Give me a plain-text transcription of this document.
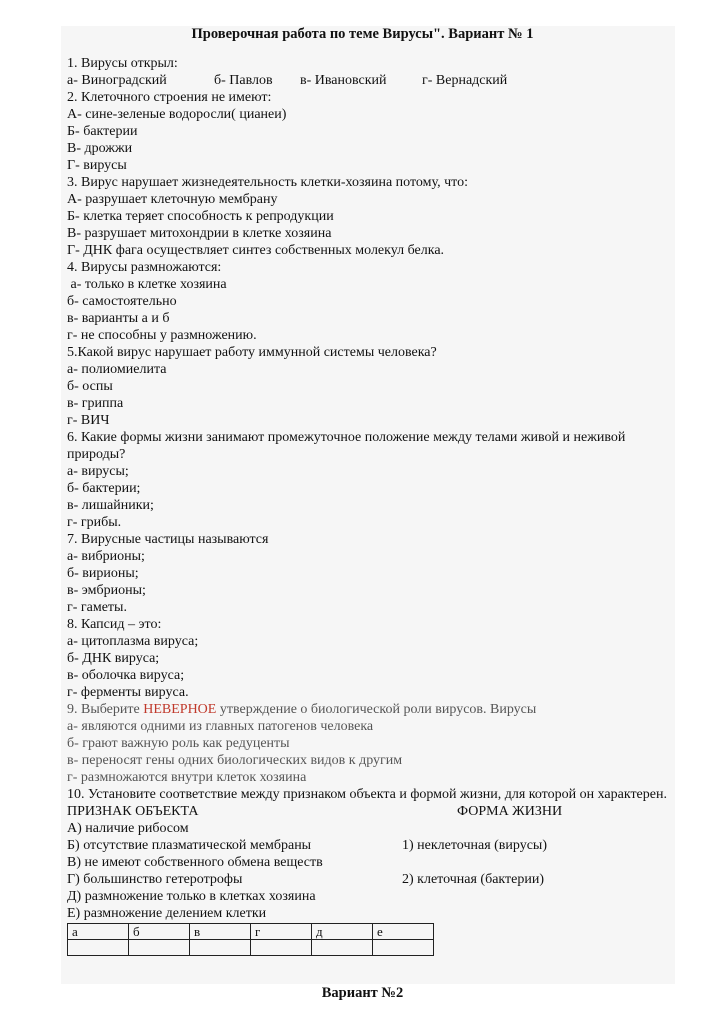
Проверочная работа по теме Вирусы". Вариант № 1
1. Вирусы открыл:
а- Виноградский	б- Павлов в- Ивановский	г- Вернадский
2. Клеточного строения не имеют:
А- сине-зеленые водоросли( цианеи)
Б- бактерии
В- дрожжи
Г- вирусы
3. Вирус нарушает жизнедеятельность клетки-хозяина потому, что:
А- разрушает клеточную мембрану
Б- клетка теряет способность к репродукции
В- разрушает митохондрии в клетке хозяина
Г- ДНК фага осуществляет синтез собственных молекул белка.
4. Вирусы размножаются:
а- только в клетке хозяина
б- самостоятельно
в- варианты а и б
г- не способны у размножению.
5.Какой вирус нарушает работу иммунной системы человека?
а- полиомиелита
б- оспы
в- гриппа
г- ВИЧ
6. Какие формы жизни занимают промежуточное положение между телами живой и неживой природы?
а- вирусы;
б- бактерии;
в- лишайники;
г- грибы.
7. Вирусные частицы называются
а- вибрионы;
б- вирионы;
в- эмбрионы;
г- гаметы.
8. Капсид – это:
а- цитоплазма вируса;
б- ДНК вируса;
в- оболочка вируса;
г- ферменты вируса.
9. Выберите НЕВЕРНОЕ утверждение о биологической роли вирусов. Вирусы
а- являются одними из главных патогенов человека
б- грают важную роль как редуценты
в- переносят гены одних биологических видов к другим
г- размножаются внутри клеток хозяина
10. Установите соответствие между признаком объекта и формой жизни, для которой он характерен.
ПРИЗНАК ОБЪЕКТА	ФОРМА ЖИЗНИ
А) наличие рибосом
Б) отсутствие плазматической мембраны	1) неклеточная (вирусы)
В) не имеют собственного обмена веществ
Г) большинство гетеротрофы	2) клеточная (бактерии)
Д) размножение только в клетках хозяина
Е) размножение делением клетки
а	б	в	г	д	е

Вариант №2
